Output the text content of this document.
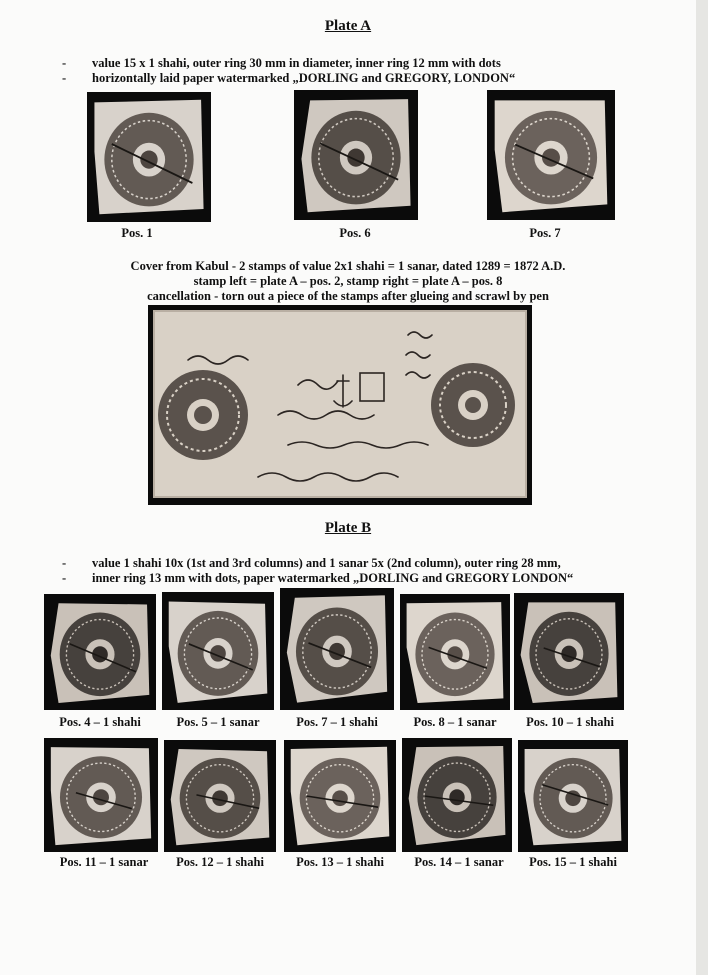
Plate A
-	value 15 x 1 shahi, outer ring 30 mm in diameter, inner ring 12 mm with dots
-	horizontally laid paper watermarked „DORLING and GREGORY, LONDON“
Pos. 1	Pos. 6	Pos. 7
Cover from Kabul - 2 stamps of value 2x1 shahi = 1 sanar, dated 1289 = 1872 A.D.
stamp left = plate A – pos. 2, stamp right = plate A – pos. 8
cancellation - torn out a piece of the stamps after glueing and scrawl by pen
Plate B
-	value 1 shahi 10x (1st and 3rd columns) and 1 sanar 5x (2nd column), outer ring 28 mm,
-	inner ring 13 mm with dots, paper watermarked „DORLING and GREGORY LONDON“
Pos. 4 – 1 shahi	Pos. 5 – 1 sanar	Pos. 7 – 1 shahi	Pos. 8 – 1 sanar	Pos. 10 – 1 shahi
Pos. 11 – 1 sanar	Pos. 12 – 1 shahi	Pos. 13 – 1 shahi	Pos. 14 – 1 sanar	Pos. 15 – 1 shahi
